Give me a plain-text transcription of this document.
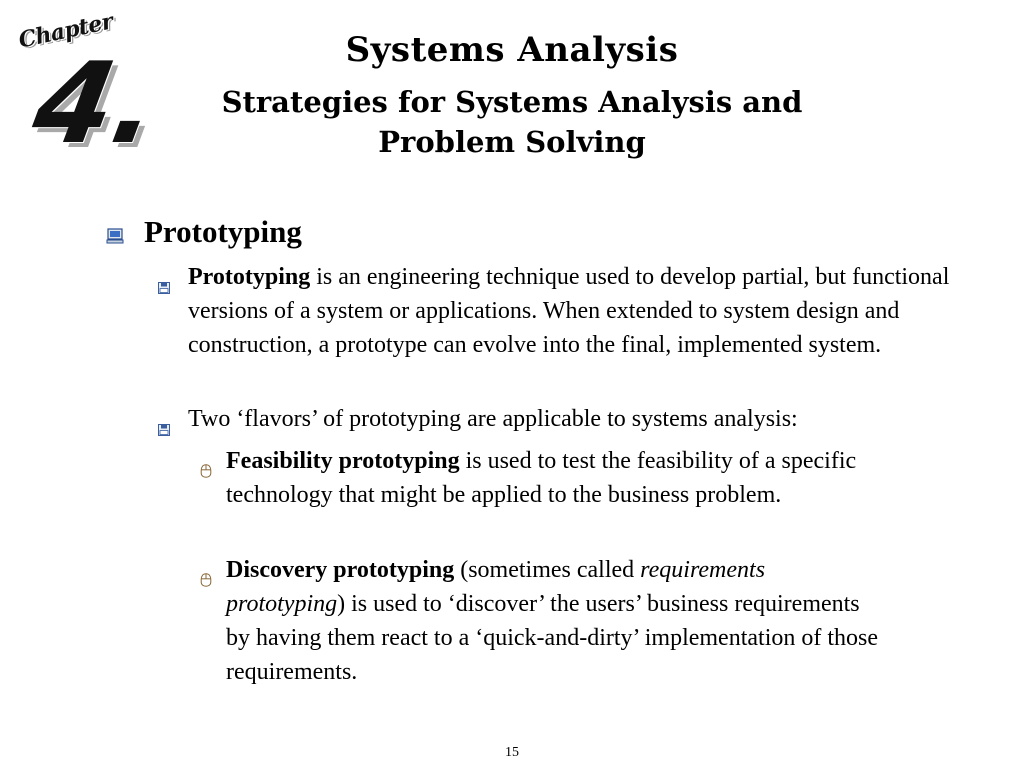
Chapter
4.	Systems Analysis
Strategies for Systems Analysis and
Problem Solving
Prototyping
Prototyping is an engineering technique used to develop partial, but functional versions of a system or applications. When extended to system design and construction, a prototype can evolve into the final, implemented system.
Two ‘flavors’ of prototyping are applicable to systems analysis:
Feasibility prototyping is used to test the feasibility of a specific technology that might be applied to the business problem.
Discovery prototyping (sometimes called requirements prototyping) is used to ‘discover’ the users’ business requirements by having them react to a ‘quick-and-dirty’ implementation of those requirements.
15
